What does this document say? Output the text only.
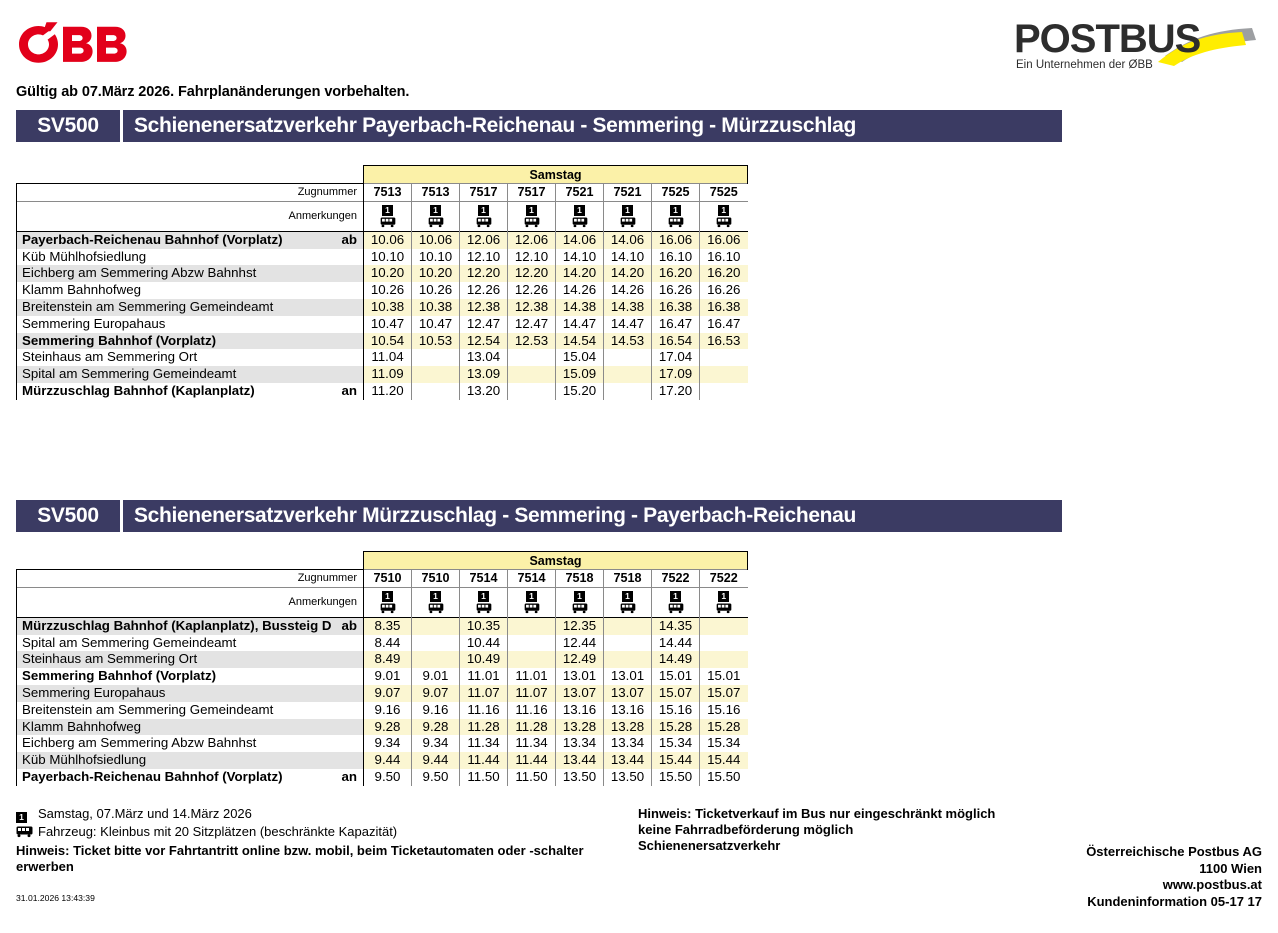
POSTBUS
Ein Unternehmen der ØBB
Gültig ab 07.März 2026. Fahrplanänderungen vorbehalten.
SV500	Schienenersatzverkehr Payerbach-Reichenau - Semmering - Mürzzuschlag
	Samstag							
Zugnummer	7513	7513	7517	7517	7521	7521	7525	7525
Anmerkungen	1	1	1	1	1	1	1	1

Payerbach-Reichenau Bahnhof (Vorplatz) ab	10.06	10.06	12.06	12.06	14.06	14.06	16.06	16.06
Küb Mühlhofsiedlung	10.10	10.10	12.10	12.10	14.10	14.10	16.10	16.10
Eichberg am Semmering Abzw Bahnhst	10.20	10.20	12.20	12.20	14.20	14.20	16.20	16.20
Klamm Bahnhofweg	10.26	10.26	12.26	12.26	14.26	14.26	16.26	16.26
Breitenstein am Semmering Gemeindeamt	10.38	10.38	12.38	12.38	14.38	14.38	16.38	16.38
Semmering Europahaus	10.47	10.47	12.47	12.47	14.47	14.47	16.47	16.47
Semmering Bahnhof (Vorplatz)	10.54	10.53	12.54	12.53	14.54	14.53	16.54	16.53
Steinhaus am Semmering Ort	11.04		13.04		15.04		17.04	
Spital am Semmering Gemeindeamt	11.09		13.09		15.09		17.09	
Mürzzuschlag Bahnhof (Kaplanplatz) an	11.20		13.20		15.20		17.20	
SV500	Schienenersatzverkehr Mürzzuschlag - Semmering - Payerbach-Reichenau
	Samstag							
Zugnummer	7510	7510	7514	7514	7518	7518	7522	7522
Anmerkungen	1	1	1	1	1	1	1	1

Mürzzuschlag Bahnhof (Kaplanplatz), Bussteig D ab	8.35		10.35		12.35		14.35	
Spital am Semmering Gemeindeamt	8.44		10.44		12.44		14.44	
Steinhaus am Semmering Ort	8.49		10.49		12.49		14.49	
Semmering Bahnhof (Vorplatz)	9.01	9.01	11.01	11.01	13.01	13.01	15.01	15.01
Semmering Europahaus	9.07	9.07	11.07	11.07	13.07	13.07	15.07	15.07
Breitenstein am Semmering Gemeindeamt	9.16	9.16	11.16	11.16	13.16	13.16	15.16	15.16
Klamm Bahnhofweg	9.28	9.28	11.28	11.28	13.28	13.28	15.28	15.28
Eichberg am Semmering Abzw Bahnhst	9.34	9.34	11.34	11.34	13.34	13.34	15.34	15.34
Küb Mühlhofsiedlung	9.44	9.44	11.44	11.44	13.44	13.44	15.44	15.44
Payerbach-Reichenau Bahnhof (Vorplatz) an	9.50	9.50	11.50	11.50	13.50	13.50	15.50	15.50
1	Samstag, 07.März und 14.März 2026
Fahrzeug: Kleinbus mit 20 Sitzplätzen (beschränkte Kapazität)
Hinweis: Ticket bitte vor Fahrtantritt online bzw. mobil, beim Ticketautomaten oder -schalter erwerben
Hinweis: Ticketverkauf im Bus nur eingeschränkt möglich
keine Fahrradbeförderung möglich
Schienenersatzverkehr	Österreichische Postbus AG
1100 Wien
www.postbus.at
Kundeninformation 05-17 17
31.01.2026 13:43:39
